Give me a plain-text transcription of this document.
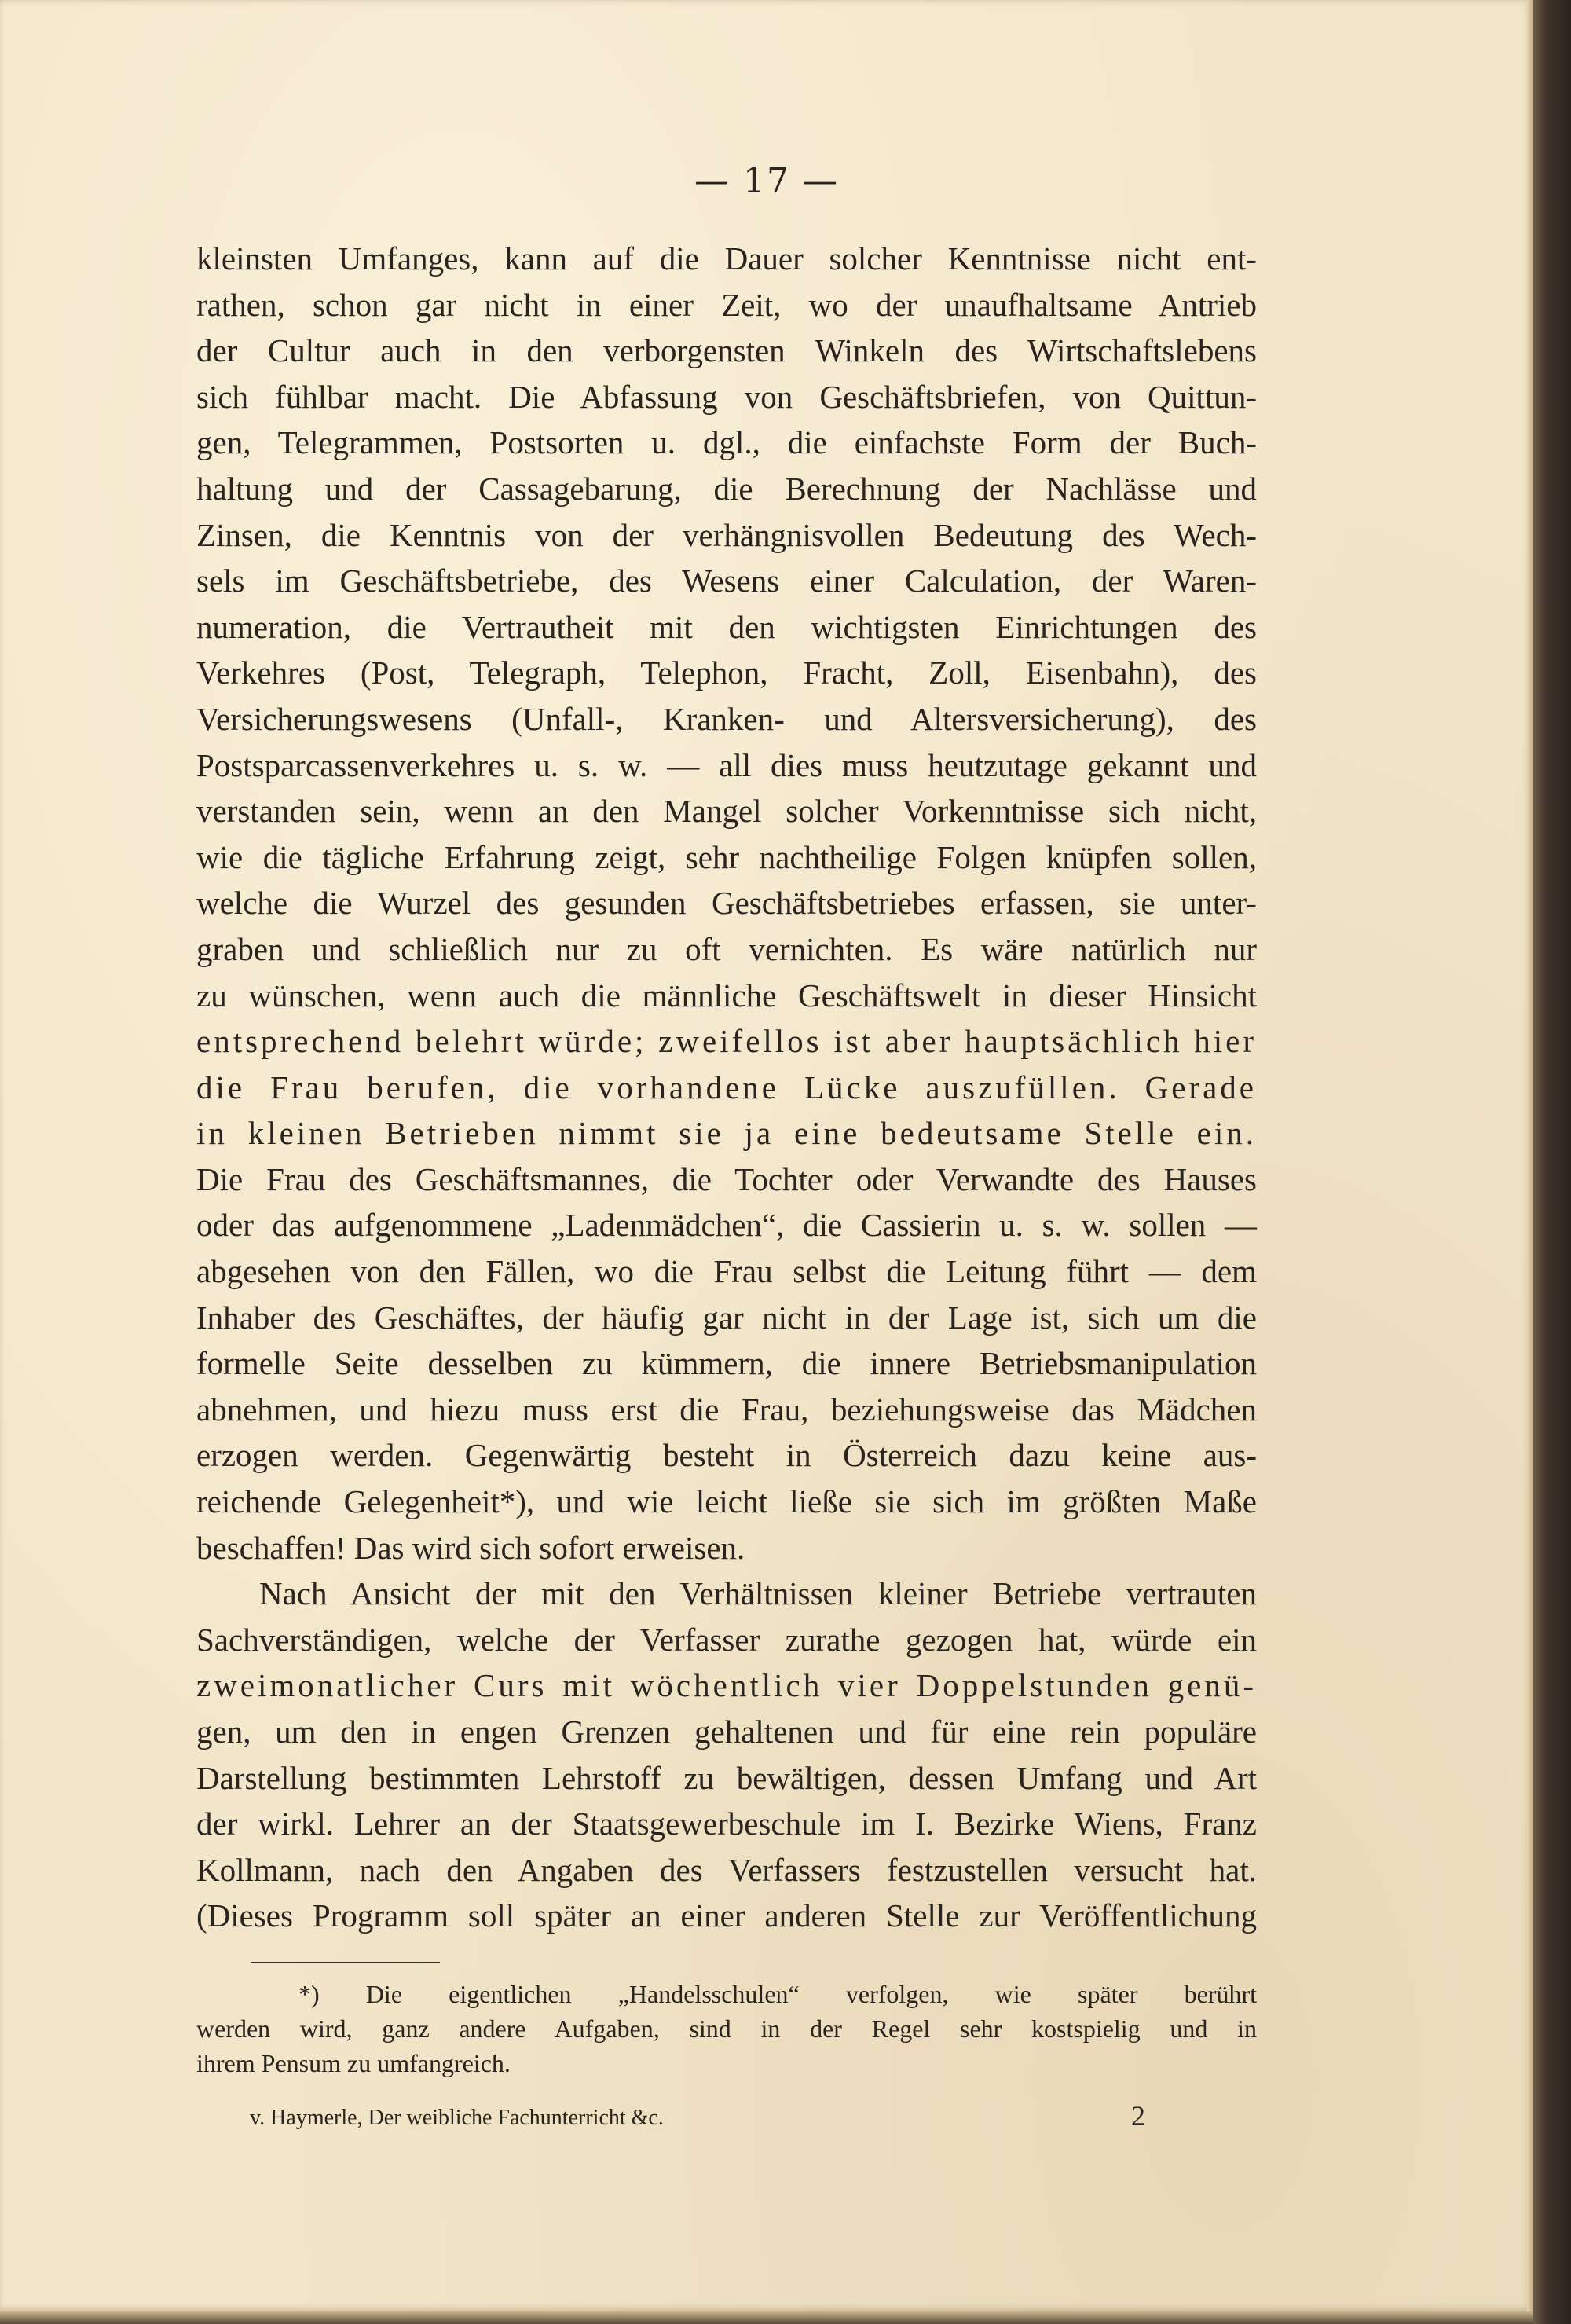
— 17 —
kleinsten Umfanges, kann auf die Dauer solcher Kenntnisse nicht ent-
rathen, schon gar nicht in einer Zeit, wo der unaufhaltsame Antrieb
der Cultur auch in den verborgensten Winkeln des Wirtschaftslebens
sich fühlbar macht. Die Abfassung von Geschäftsbriefen, von Quittun-
gen, Telegrammen, Postsorten u. dgl., die einfachste Form der Buch-
haltung und der Cassagebarung, die Berechnung der Nachlässe und
Zinsen, die Kenntnis von der verhängnisvollen Bedeutung des Wech-
sels im Geschäftsbetriebe, des Wesens einer Calculation, der Waren-
numeration, die Vertrautheit mit den wichtigsten Einrichtungen des
Verkehres (Post, Telegraph, Telephon, Fracht, Zoll, Eisenbahn), des
Versicherungswesens (Unfall-, Kranken- und Altersversicherung), des
Postsparcassenverkehres u. s. w. — all dies muss heutzutage gekannt und
verstanden sein, wenn an den Mangel solcher Vorkenntnisse sich nicht,
wie die tägliche Erfahrung zeigt, sehr nachtheilige Folgen knüpfen sollen,
welche die Wurzel des gesunden Geschäftsbetriebes erfassen, sie unter-
graben und schließlich nur zu oft vernichten. Es wäre natürlich nur
zu wünschen, wenn auch die männliche Geschäftswelt in dieser Hinsicht
entsprechend belehrt würde; zweifellos ist aber hauptsächlich hier
die Frau berufen, die vorhandene Lücke auszufüllen. Gerade
in kleinen Betrieben nimmt sie ja eine bedeutsame Stelle ein.
Die Frau des Geschäftsmannes, die Tochter oder Verwandte des Hauses
oder das aufgenommene „Ladenmädchen“, die Cassierin u. s. w. sollen —
abgesehen von den Fällen, wo die Frau selbst die Leitung führt — dem
Inhaber des Geschäftes, der häufig gar nicht in der Lage ist, sich um die
formelle Seite desselben zu kümmern, die innere Betriebsmanipulation
abnehmen, und hiezu muss erst die Frau, beziehungsweise das Mädchen
erzogen werden. Gegenwärtig besteht in Österreich dazu keine aus-
reichende Gelegenheit*), und wie leicht ließe sie sich im größten Maße
beschaffen! Das wird sich sofort erweisen.
Nach Ansicht der mit den Verhältnissen kleiner Betriebe vertrauten
Sachverständigen, welche der Verfasser zurathe gezogen hat, würde ein
zweimonatlicher Curs mit wöchentlich vier Doppelstunden genü-
gen, um den in engen Grenzen gehaltenen und für eine rein populäre
Darstellung bestimmten Lehrstoff zu bewältigen, dessen Umfang und Art
der wirkl. Lehrer an der Staatsgewerbeschule im I. Bezirke Wiens, Franz
Kollmann, nach den Angaben des Verfassers festzustellen versucht hat.
(Dieses Programm soll später an einer anderen Stelle zur Veröffentlichung
*) Die eigentlichen „Handelsschulen“ verfolgen, wie später berührt
werden wird, ganz andere Aufgaben, sind in der Regel sehr kostspielig und in
ihrem Pensum zu umfangreich.
v. Haymerle, Der weibliche Fachunterricht &c.	2
